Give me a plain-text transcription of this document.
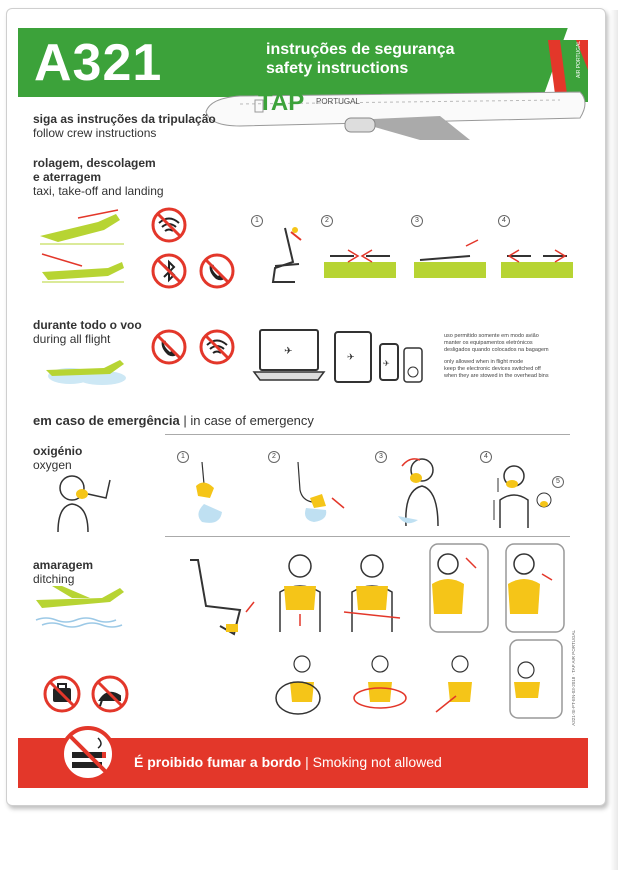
A321	instruções de segurança
safety instructions
TAP PORTUGAL
AIR PORTUGAL
siga as instruções da tripulação
follow crew instructions
rolagem, descolagem
e aterragem
taxi, take-off and landing
1	2	3	4
durante todo o voo
during all flight
✈
✈
✈
uso permitido somente em modo avião
manter os equipamentos eletrónicos
desligados quando colocados na bagagem
only allowed when in flight mode
keep the electronic devices switched off
when they are stowed in the overhead bins
em caso de emergência | in case of emergency
oxigénio
oxygen
1	2	3	4
5
amaragem
ditching
A321-SI-PT-EN-03-2018 · TAP AIR PORTUGAL
É proibido fumar a bordo | Smoking not allowed
